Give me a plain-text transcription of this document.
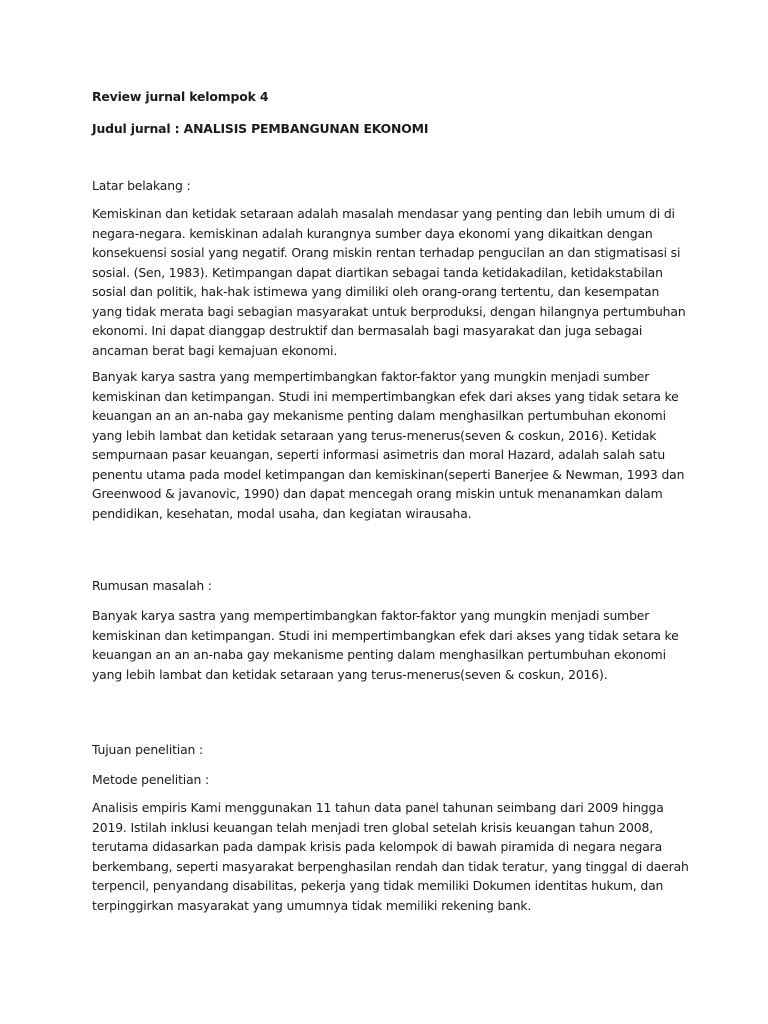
Review jurnal kelompok 4

Judul jurnal : ANALISIS PEMBANGUNAN EKONOMI

Latar belakang :

Kemiskinan dan ketidak setaraan adalah masalah mendasar yang penting dan lebih umum di di negara-negara. kemiskinan adalah kurangnya sumber daya ekonomi yang dikaitkan dengan konsekuensi sosial yang negatif. Orang miskin rentan terhadap pengucilan an dan stigmatisasi si sosial. (Sen, 1983). Ketimpangan dapat diartikan sebagai tanda ketidakadilan, ketidakstabilan sosial dan politik, hak-hak istimewa yang dimiliki oleh orang-orang tertentu, dan kesempatan yang tidak merata bagi sebagian masyarakat untuk berproduksi, dengan hilangnya pertumbuhan ekonomi. Ini dapat dianggap destruktif dan bermasalah bagi masyarakat dan juga sebagai ancaman berat bagi kemajuan ekonomi.

Banyak karya sastra yang mempertimbangkan faktor-faktor yang mungkin menjadi sumber kemiskinan dan ketimpangan. Studi ini mempertimbangkan efek dari akses yang tidak setara ke keuangan an an an-naba gay mekanisme penting dalam menghasilkan pertumbuhan ekonomi yang lebih lambat dan ketidak setaraan yang terus-menerus(seven & coskun, 2016). Ketidak sempurnaan pasar keuangan, seperti informasi asimetris dan moral Hazard, adalah salah satu penentu utama pada model ketimpangan dan kemiskinan(seperti Banerjee & Newman, 1993 dan Greenwood & javanovic, 1990) dan dapat mencegah orang miskin untuk menanamkan dalam pendidikan, kesehatan, modal usaha, dan kegiatan wirausaha.

Rumusan masalah :

Banyak karya sastra yang mempertimbangkan faktor-faktor yang mungkin menjadi sumber kemiskinan dan ketimpangan. Studi ini mempertimbangkan efek dari akses yang tidak setara ke keuangan an an an-naba gay mekanisme penting dalam menghasilkan pertumbuhan ekonomi yang lebih lambat dan ketidak setaraan yang terus-menerus(seven & coskun, 2016).

Tujuan penelitian :

Metode penelitian :

Analisis empiris Kami menggunakan 11 tahun data panel tahunan seimbang dari 2009 hingga 2019. Istilah inklusi keuangan telah menjadi tren global setelah krisis keuangan tahun 2008, terutama didasarkan pada dampak krisis pada kelompok di bawah piramida di negara negara berkembang, seperti masyarakat berpenghasilan rendah dan tidak teratur, yang tinggal di daerah terpencil, penyandang disabilitas, pekerja yang tidak memiliki Dokumen identitas hukum, dan terpinggirkan masyarakat yang umumnya tidak memiliki rekening bank.
